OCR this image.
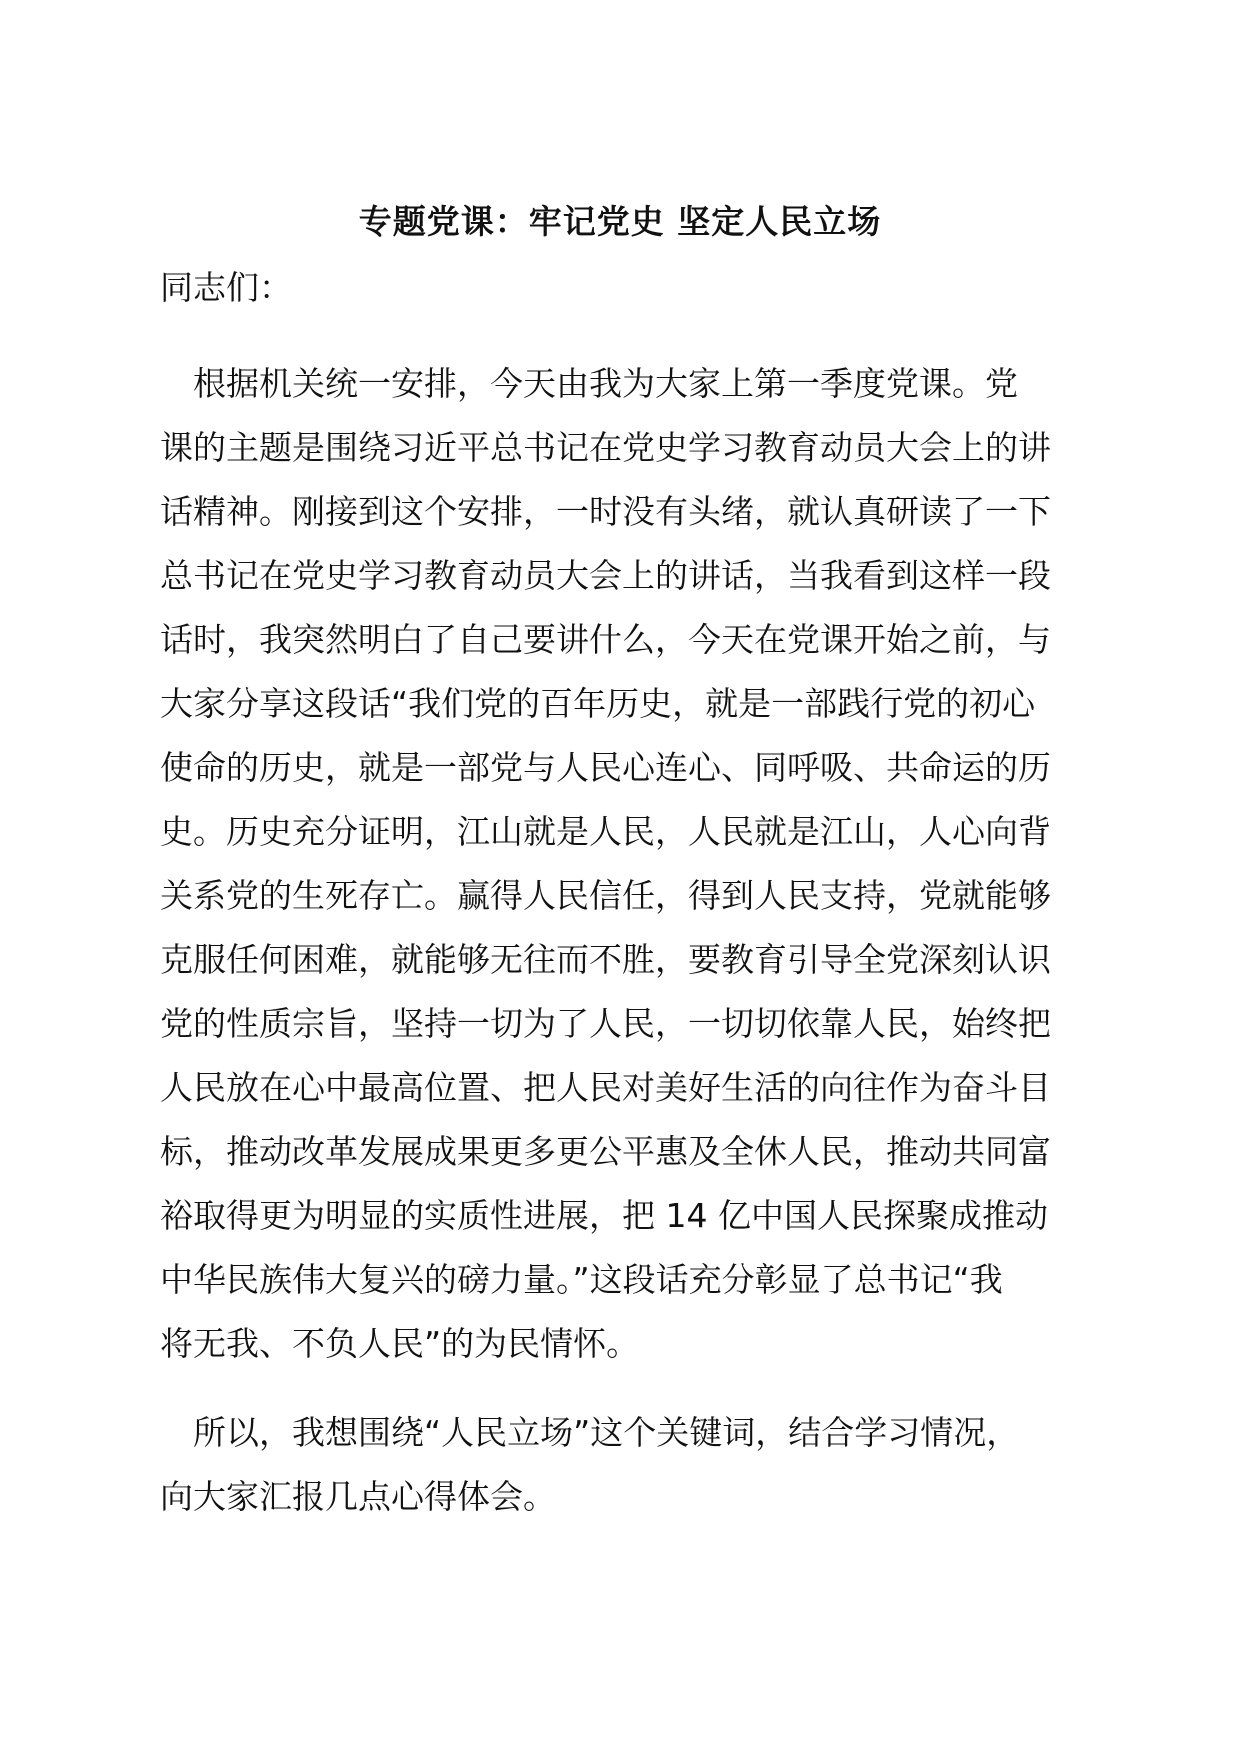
专题党课：牢记党史 坚定人民立场
同志们：
　根据机关统一安排，今天由我为大家上第一季度党课。党
课的主题是围绕习近平总书记在党史学习教育动员大会上的讲
话精神。刚接到这个安排，一时没有头绪，就认真研读了一下
总书记在党史学习教育动员大会上的讲话，当我看到这样一段
话时，我突然明白了自己要讲什么，今天在党课开始之前，与
大家分享这段话“我们党的百年历史，就是一部践行党的初心
使命的历史，就是一部党与人民心连心、同呼吸、共命运的历
史。历史充分证明，江山就是人民，人民就是江山，人心向背
关系党的生死存亡。赢得人民信任，得到人民支持，党就能够
克服任何困难，就能够无往而不胜，要教育引导全党深刻认识
党的性质宗旨，坚持一切为了人民，一切切依靠人民，始终把
人民放在心中最高位置、把人民对美好生活的向往作为奋斗目
标，推动改革发展成果更多更公平惠及全休人民，推动共同富
裕取得更为明显的实质性进展，把 14 亿中国人民探聚成推动
中华民族伟大复兴的磅力量。”这段话充分彰显了总书记“我
将无我、不负人民”的为民情怀。
　所以，我想围绕“人民立场”这个关键词，结合学习情况，
向大家汇报几点心得体会。
